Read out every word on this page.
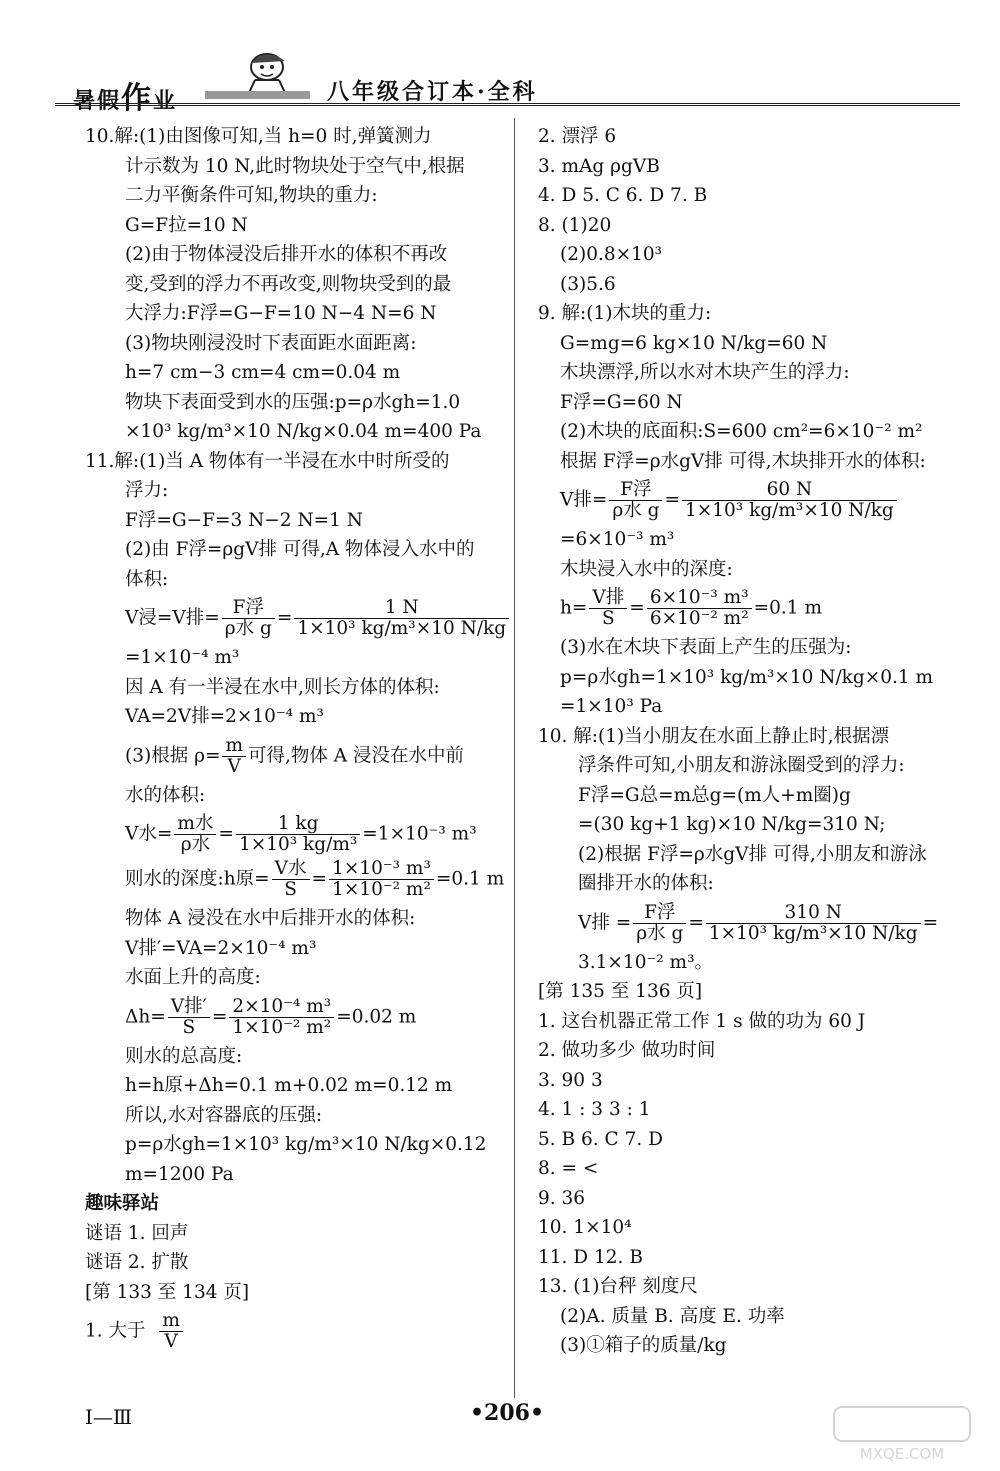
暑假作业	八年级合订本·全科
10.解:(1)由图像可知,当 h=0 时,弹簧测力
计示数为 10 N,此时物块处于空气中,根据
二力平衡条件可知,物块的重力:
G=F拉=10 N
(2)由于物体浸没后排开水的体积不再改
变,受到的浮力不再改变,则物块受到的最
大浮力:F浮=G−F=10 N−4 N=6 N
(3)物块刚浸没时下表面距水面距离:
h=7 cm−3 cm=4 cm=0.04 m
物块下表面受到水的压强:p=ρ水gh=1.0
×10³ kg/m³×10 N/kg×0.04 m=400 Pa
11.解:(1)当 A 物体有一半浸在水中时所受的
浮力:
F浮=G−F=3 N−2 N=1 N
(2)由 F浮=ρgV排 可得,A 物体浸入水中的
体积:
V浸=V排= $\frac{\text{F浮}}{\text{ρ水 g}} = \frac{1 N}{\text{1×10³ kg/m³×10 N/kg}}$
=1×10⁻⁴ m³
因 A 有一半浸在水中,则长方体的体积:
VA=2V排=2×10⁻⁴ m³
(3)根据 $\rho= \frac{m}{V}$ 可得,物体 A 浸没在水中前
水的体积:
V水= $\frac{\text{m水}}{\text{ρ水}} = \frac{1 kg}{\text{1×10³ kg/m³}} =1\times 10^{-3}$ m³
则水的深度:h原= $\frac{\text{V水}}{S} = \frac{\text{1×10⁻³ m³}}{\text{1×10⁻² m²}} =0.1$ m
物体 A 浸没在水中后排开水的体积:
V排′=VA=2×10⁻⁴ m³
水面上升的高度:
$\Delta h= \frac{\text{V排′}}{S} = \frac{\text{2×10⁻⁴ m³}}{\text{1×10⁻² m²}} =0.02$ m
则水的总高度:
h=h原+Δh=0.1 m+0.02 m=0.12 m
所以,水对容器底的压强:
p=ρ水gh=1×10³ kg/m³×10 N/kg×0.12
m=1200 Pa
趣味驿站
谜语 1. 回声
谜语 2. 扩散
[第 133 至 134 页]
1. 大于 $\frac{m}{V}$
2. 漂浮 6
3. mAg ρgVB
4. D 5. C 6. D 7. B
8. (1)20
(2)0.8×10³
(3)5.6
9. 解:(1)木块的重力:
G=mg=6 kg×10 N/kg=60 N
木块漂浮,所以水对木块产生的浮力:
F浮=G=60 N
(2)木块的底面积:S=600 cm²=6×10⁻² m²
根据 F浮=ρ水gV排 可得,木块排开水的体积:
V排= $\frac{\text{F浮}}{\text{ρ水 g}} = \frac{60 N}{\text{1×10³ kg/m³×10 N/kg}}$
=6×10⁻³ m³
木块浸入水中的深度:
$h= \frac{\text{V排}}{S} = \frac{\text{6×10⁻³ m³}}{\text{6×10⁻² m²}} =0.1$ m
(3)水在木块下表面上产生的压强为:
p=ρ水gh=1×10³ kg/m³×10 N/kg×0.1 m
=1×10³ Pa
10. 解:(1)当小朋友在水面上静止时,根据漂
浮条件可知,小朋友和游泳圈受到的浮力:
F浮=G总=m总g=(m人+m圈)g
=(30 kg+1 kg)×10 N/kg=310 N;
(2)根据 F浮=ρ水gV排 可得,小朋友和游泳
圈排开水的体积:
V排 = $\frac{\text{F浮}}{\text{ρ水 g}} = \frac{310 N}{\text{1×10³ kg/m³×10 N/kg}}$ =
3.1×10⁻² m³。
[第 135 至 136 页]
1. 这台机器正常工作 1 s 做的功为 60 J
2. 做功多少 做功时间
3. 90 3
4. 1 : 3 3 : 1
5. B 6. C 7. D
8. = <
9. 36
10. 1×10⁴
11. D 12. B
13. (1)台秤 刻度尺
(2)A. 质量 B. 高度 E. 功率
(3)①箱子的质量/kg
Ⅰ—Ⅲ	•206•
MXQE.COM
